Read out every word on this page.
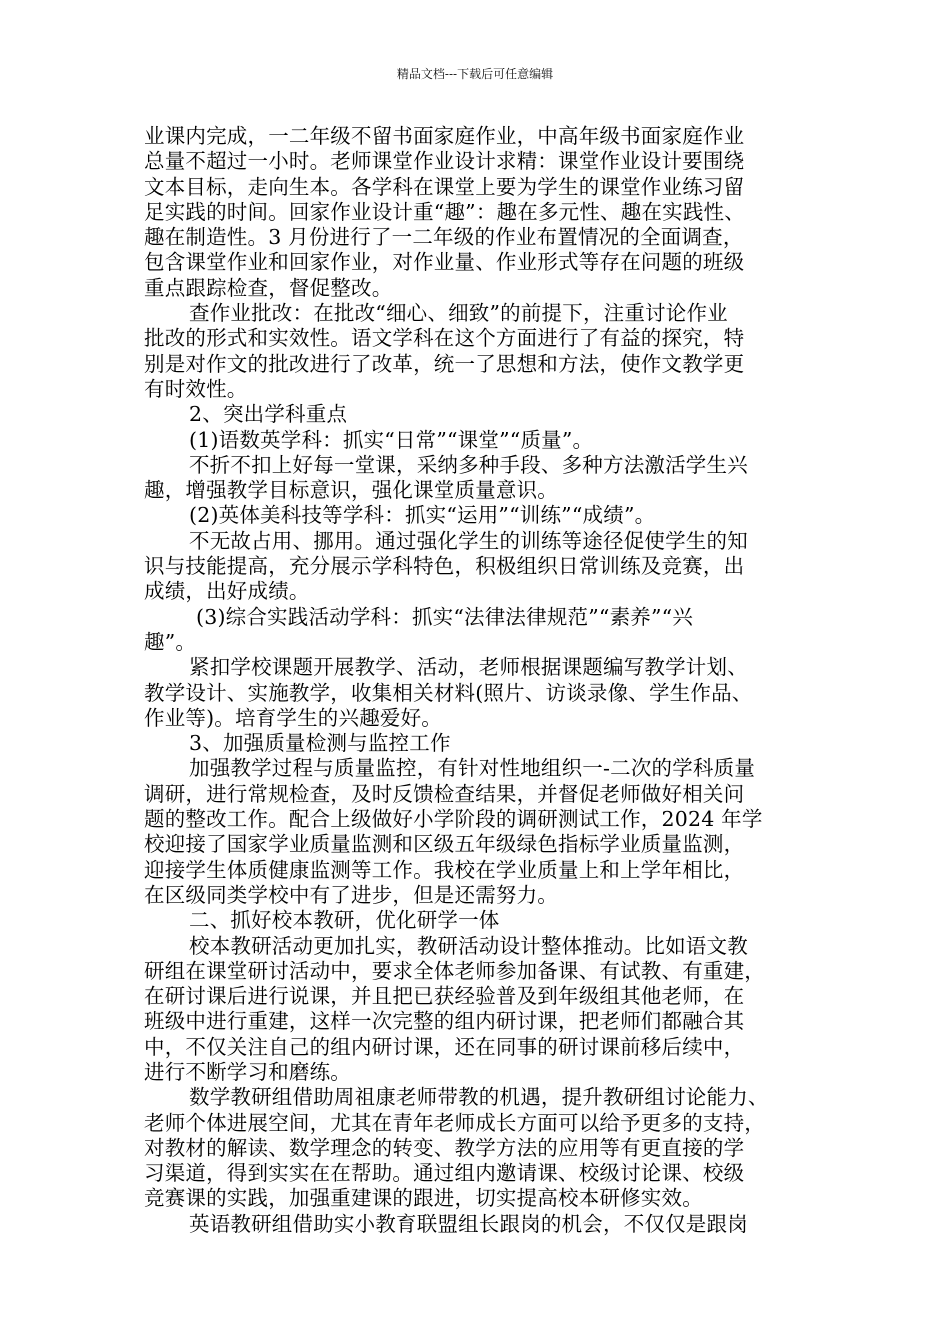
精品文档---下载后可任意编辑
业课内完成，一二年级不留书面家庭作业，中高年级书面家庭作业
总量不超过一小时。老师课堂作业设计求精：课堂作业设计要围绕
文本目标，走向生本。各学科在课堂上要为学生的课堂作业练习留
足实践的时间。回家作业设计重“趣”：趣在多元性、趣在实践性、
趣在制造性。3 月份进行了一二年级的作业布置情况的全面调查，
包含课堂作业和回家作业，对作业量、作业形式等存在问题的班级
重点跟踪检查，督促整改。
查作业批改：在批改“细心、细致”的前提下，注重讨论作业
批改的形式和实效性。语文学科在这个方面进行了有益的探究，特
别是对作文的批改进行了改革，统一了思想和方法，使作文教学更
有时效性。
2、突出学科重点
(1)语数英学科：抓实“日常”“课堂”“质量”。
不折不扣上好每一堂课，采纳多种手段、多种方法激活学生兴
趣，增强教学目标意识，强化课堂质量意识。
(2)英体美科技等学科：抓实“运用”“训练”“成绩”。
不无故占用、挪用。通过强化学生的训练等途径促使学生的知
识与技能提高，充分展示学科特色，积极组织日常训练及竞赛，出
成绩，出好成绩。
(3)综合实践活动学科：抓实“法律法律规范”“素养”“兴
趣”。
紧扣学校课题开展教学、活动，老师根据课题编写教学计划、
教学设计、实施教学，收集相关材料(照片、访谈录像、学生作品、
作业等)。培育学生的兴趣爱好。
3、加强质量检测与监控工作
加强教学过程与质量监控，有针对性地组织一-二次的学科质量
调研，进行常规检查，及时反馈检查结果，并督促老师做好相关问
题的整改工作。配合上级做好小学阶段的调研测试工作，2024 年学
校迎接了国家学业质量监测和区级五年级绿色指标学业质量监测，
迎接学生体质健康监测等工作。我校在学业质量上和上学年相比，
在区级同类学校中有了进步，但是还需努力。
二、抓好校本教研，优化研学一体
校本教研活动更加扎实，教研活动设计整体推动。比如语文教
研组在课堂研讨活动中，要求全体老师参加备课、有试教、有重建，
在研讨课后进行说课，并且把已获经验普及到年级组其他老师，在
班级中进行重建，这样一次完整的组内研讨课，把老师们都融合其
中，不仅关注自己的组内研讨课，还在同事的研讨课前移后续中，
进行不断学习和磨练。
数学教研组借助周祖康老师带教的机遇，提升教研组讨论能力、
老师个体进展空间，尤其在青年老师成长方面可以给予更多的支持，
对教材的解读、数学理念的转变、教学方法的应用等有更直接的学
习渠道，得到实实在在帮助。通过组内邀请课、校级讨论课、校级
竞赛课的实践，加强重建课的跟进，切实提高校本研修实效。
英语教研组借助实小教育联盟组长跟岗的机会，不仅仅是跟岗
